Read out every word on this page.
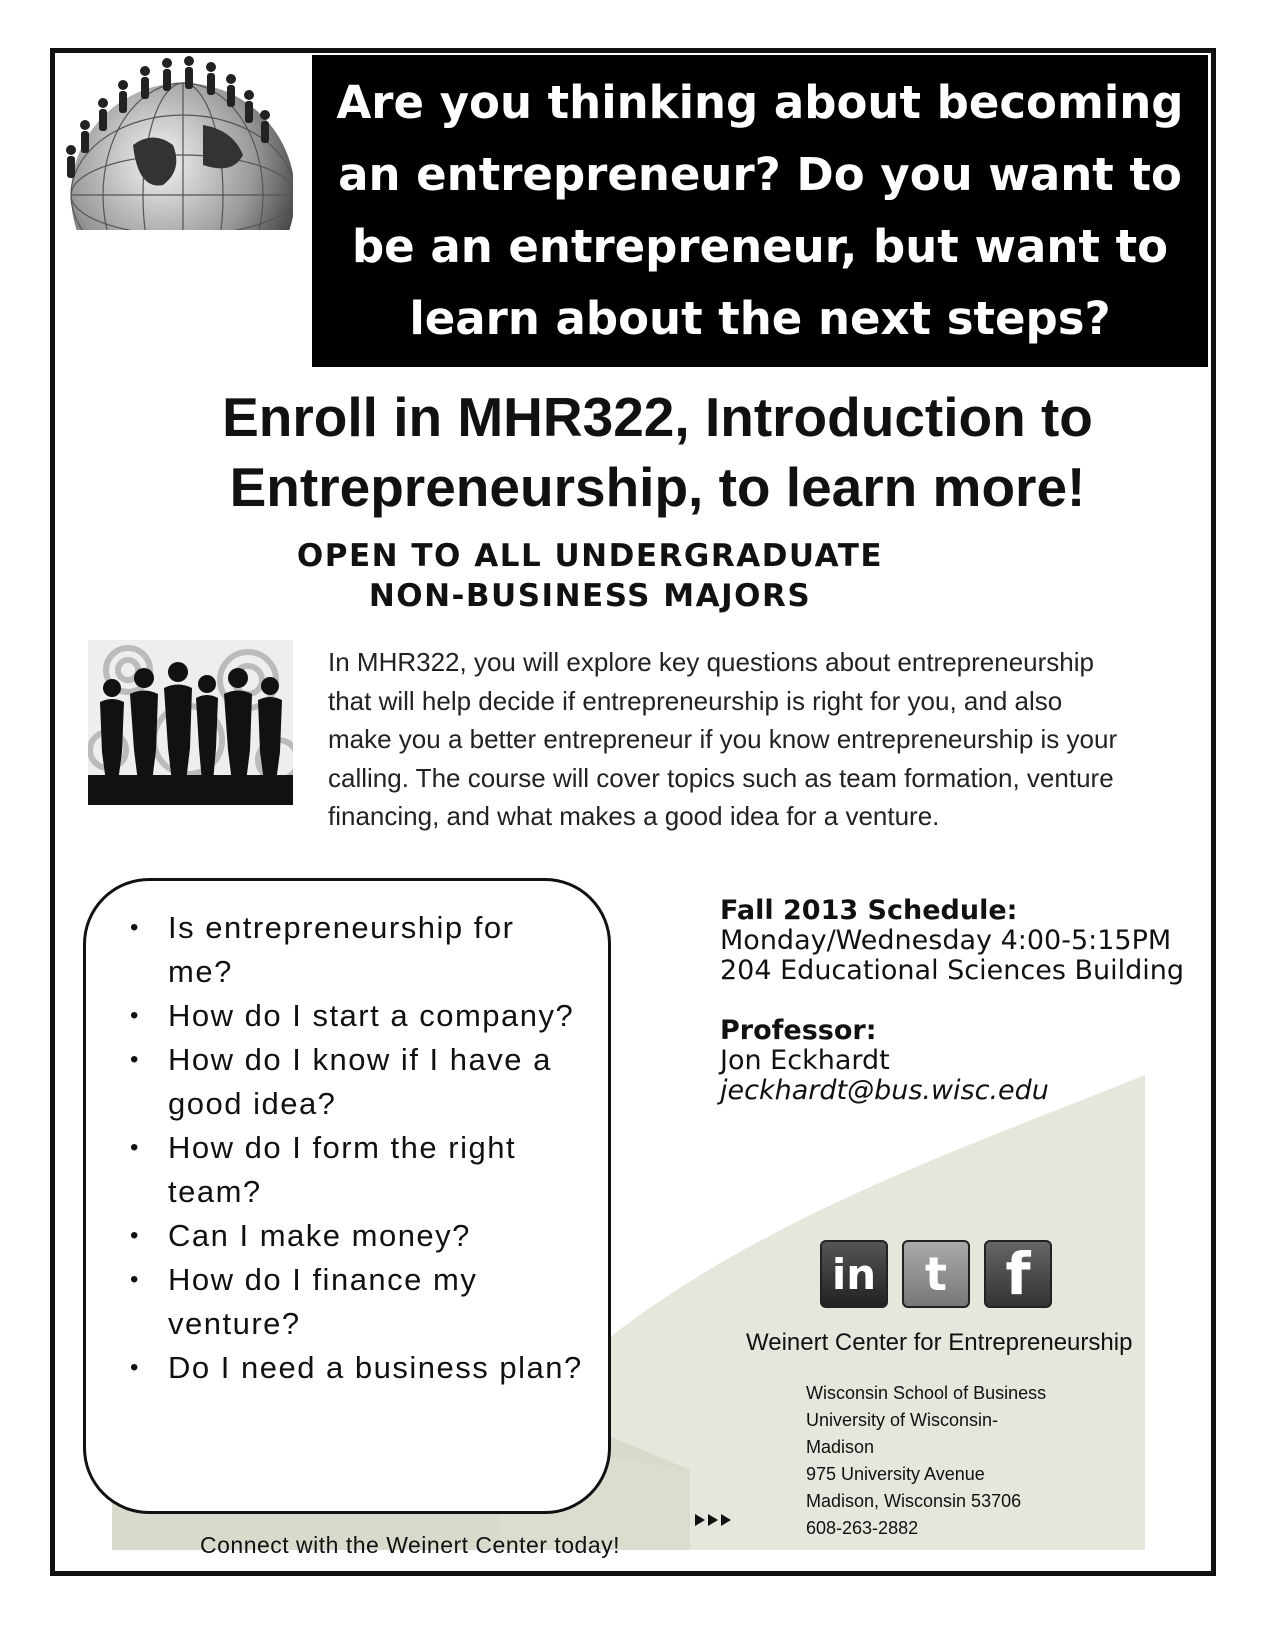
Are you thinking about becoming an entrepreneur? Do you want to be an entrepreneur, but want to learn about the next steps?
Enroll in MHR322, Introduction to
Entrepreneurship, to learn more!
OPEN TO ALL UNDERGRADUATE
NON-BUSINESS MAJORS
In MHR322, you will explore key questions about entrepreneurship that will help decide if entrepreneurship is right for you, and also make you a better entrepreneur if you know entrepreneurship is your calling. The course will cover topics such as team formation, venture financing, and what makes a good idea for a venture.
• Is entrepreneurship for me?
• How do I start a company?
• How do I know if I have a good idea?
• How do I form the right team?
• Can I make money?
• How do I finance my venture?
• Do I need a business plan?
Fall 2013 Schedule:
Monday/Wednesday 4:00-5:15PM
204 Educational Sciences Building
Professor:
Jon Eckhardt
jeckhardt@bus.wisc.edu
in	t	f
Weinert Center for Entrepreneurship
Wisconsin School of Business
University of Wisconsin-
Madison
975 University Avenue
Madison, Wisconsin 53706
608-263-2882
Connect with the Weinert Center today!
